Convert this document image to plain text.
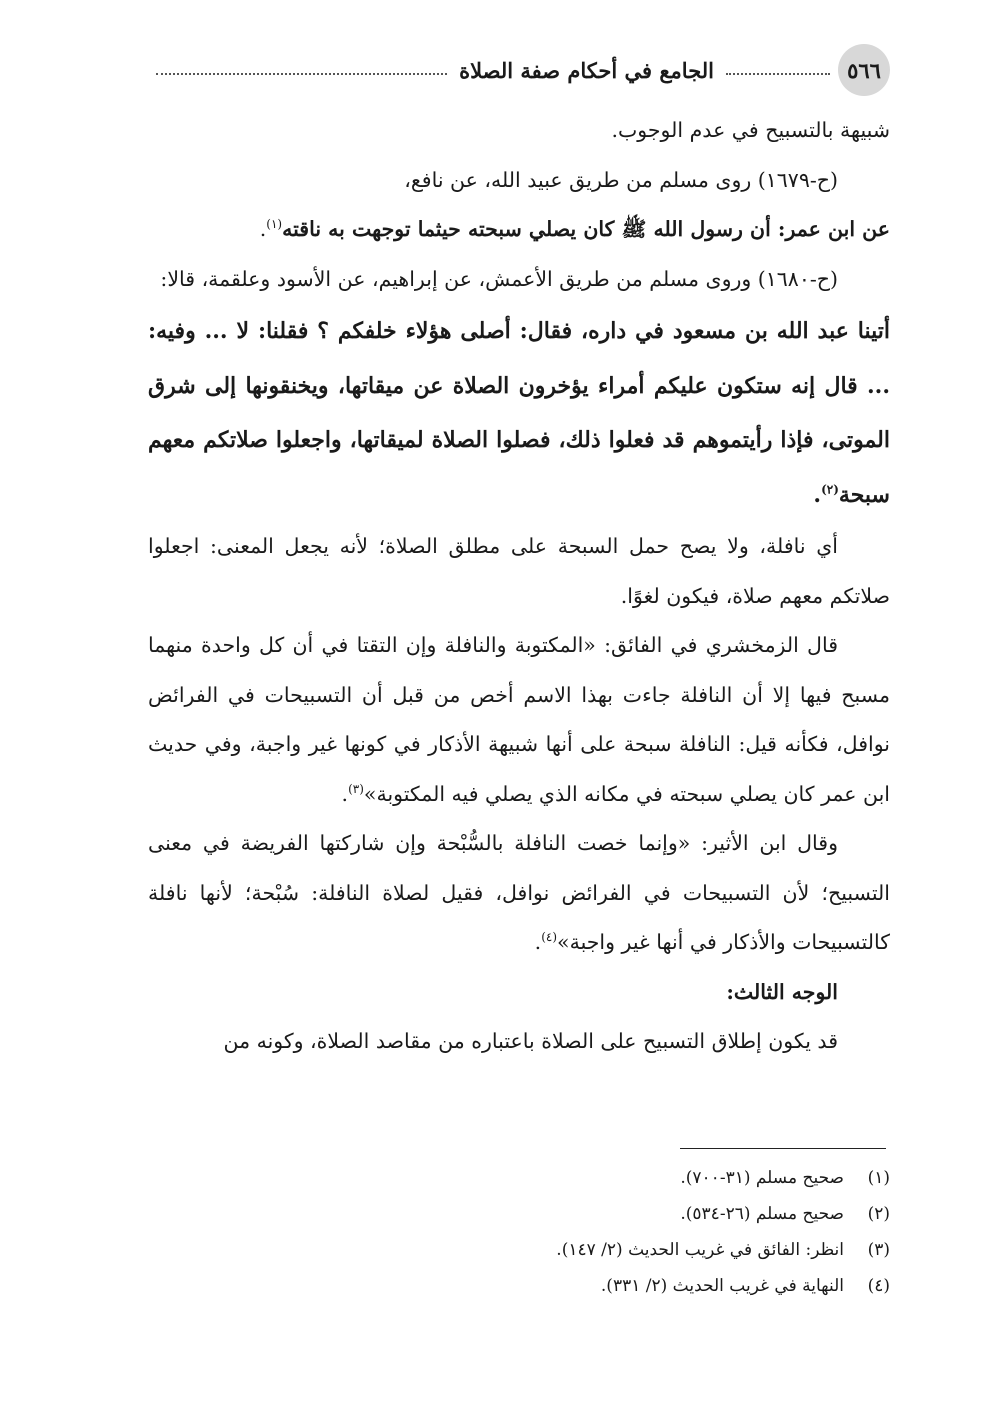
٥٦٦
الجامع في أحكام صفة الصلاة

شبيهة بالتسبيح في عدم الوجوب.

(ح-١٦٧٩) روى مسلم من طريق عبيد الله، عن نافع،

عن ابن عمر: أن رسول الله ﷺ كان يصلي سبحته حيثما توجهت به ناقته$^{(١)}$.

(ح-١٦٨٠) وروى مسلم من طريق الأعمش، عن إبراهيم، عن الأسود وعلقمة، قالا:

أتينا عبد الله بن مسعود في داره، فقال: أصلى هؤلاء خلفكم ؟ فقلنا: لا ... وفيه: ... قال إنه ستكون عليكم أمراء يؤخرون الصلاة عن ميقاتها، ويخنقونها إلى شرق الموتى، فإذا رأيتموهم قد فعلوا ذلك، فصلوا الصلاة لميقاتها، واجعلوا صلاتكم معهم سبحة$^{(٢)}$.

أي نافلة، ولا يصح حمل السبحة على مطلق الصلاة؛ لأنه يجعل المعنى: اجعلوا صلاتكم معهم صلاة، فيكون لغوًا.

قال الزمخشري في الفائق: «المكتوبة والنافلة وإن التقتا في أن كل واحدة منهما مسبح فيها إلا أن النافلة جاءت بهذا الاسم أخص من قبل أن التسبيحات في الفرائض نوافل، فكأنه قيل: النافلة سبحة على أنها شبيهة الأذكار في كونها غير واجبة، وفي حديث ابن عمر كان يصلي سبحته في مكانه الذي يصلي فيه المكتوبة»$^{(٣)}$.

وقال ابن الأثير: «وإنما خصت النافلة بالسُّبْحة وإن شاركتها الفريضة في معنى التسبيح؛ لأن التسبيحات في الفرائض نوافل، فقيل لصلاة النافلة: سُبْحة؛ لأنها نافلة كالتسبيحات والأذكار في أنها غير واجبة»$^{(٤)}$.

الوجه الثالث:

قد يكون إطلاق التسبيح على الصلاة باعتباره من مقاصد الصلاة، وكونه من

(١)
صحيح مسلم (٣١-٧٠٠).
(٢)
صحيح مسلم (٢٦-٥٣٤).
(٣)
انظر: الفائق في غريب الحديث (٢/ ١٤٧).
(٤)
النهاية في غريب الحديث (٢/ ٣٣١).
